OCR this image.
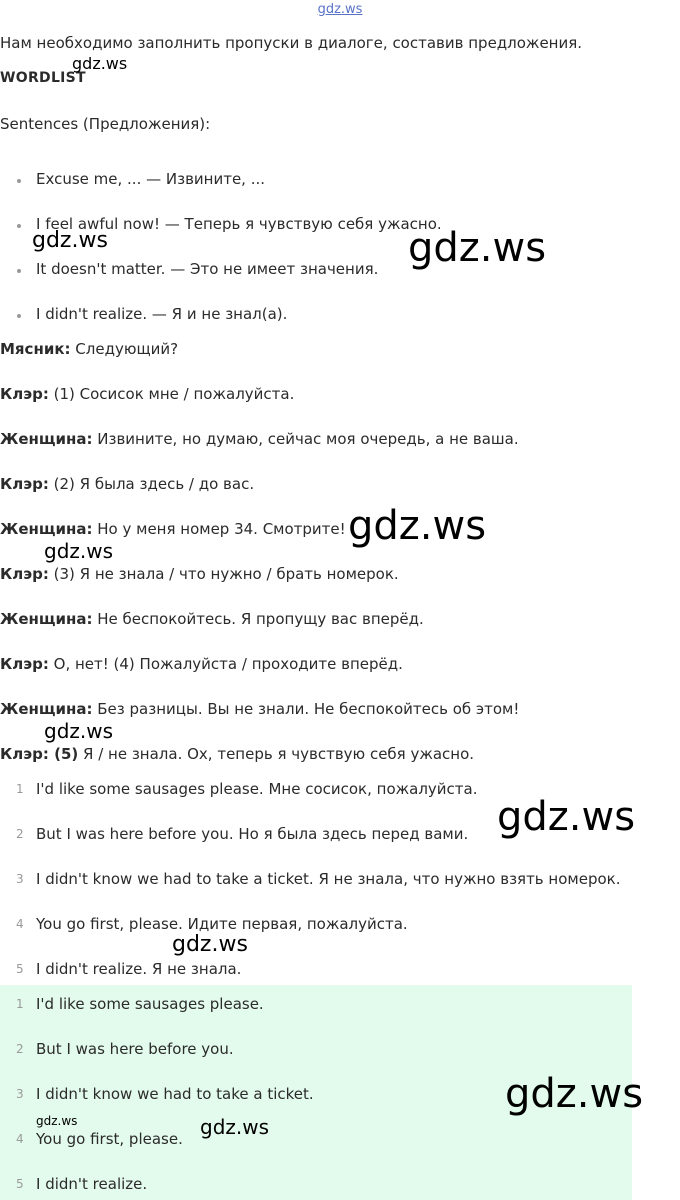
gdz.ws
Нам необходимо заполнить пропуски в диалоге, составив предложения.
WORDLIST
Sentences (Предложения):
Excuse me, ... — Извините, ...
I feel awful now! — Теперь я чувствую себя ужасно.
It doesn't matter. — Это не имеет значения.
I didn't realize. — Я и не знал(а).
Мясник: Следующий?
Клэр: (1) Сосисок мне / пожалуйста.
Женщина: Извините, но думаю, сейчас моя очередь, а не ваша.
Клэр: (2) Я была здесь / до вас.
Женщина: Но у меня номер 34. Смотрите!
Клэр: (3) Я не знала / что нужно / брать номерок.
Женщина: Не беспокойтесь. Я пропущу вас вперёд.
Клэр: О, нет! (4) Пожалуйста / проходите вперёд.
Женщина: Без разницы. Вы не знали. Не беспокойтесь об этом!
Клэр: (5) Я / не знала. Ох, теперь я чувствую себя ужасно.
1 I'd like some sausages please. Мне сосисок, пожалуйста.
2 But I was here before you. Но я была здесь перед вами.
3 I didn't know we had to take a ticket. Я не знала, что нужно взять номерок.
4 You go first, please. Идите первая, пожалуйста.
5 I didn't realize. Я не знала.
1 I'd like some sausages please.
2 But I was here before you.
3 I didn't know we had to take a ticket.
4 You go first, please.
5 I didn't realize.
gdz.ws
gdz.ws	gdz.ws
gdz.ws
gdz.ws
gdz.ws
gdz.ws
gdz.ws
gdz.ws
gdz.ws	gdz.ws
